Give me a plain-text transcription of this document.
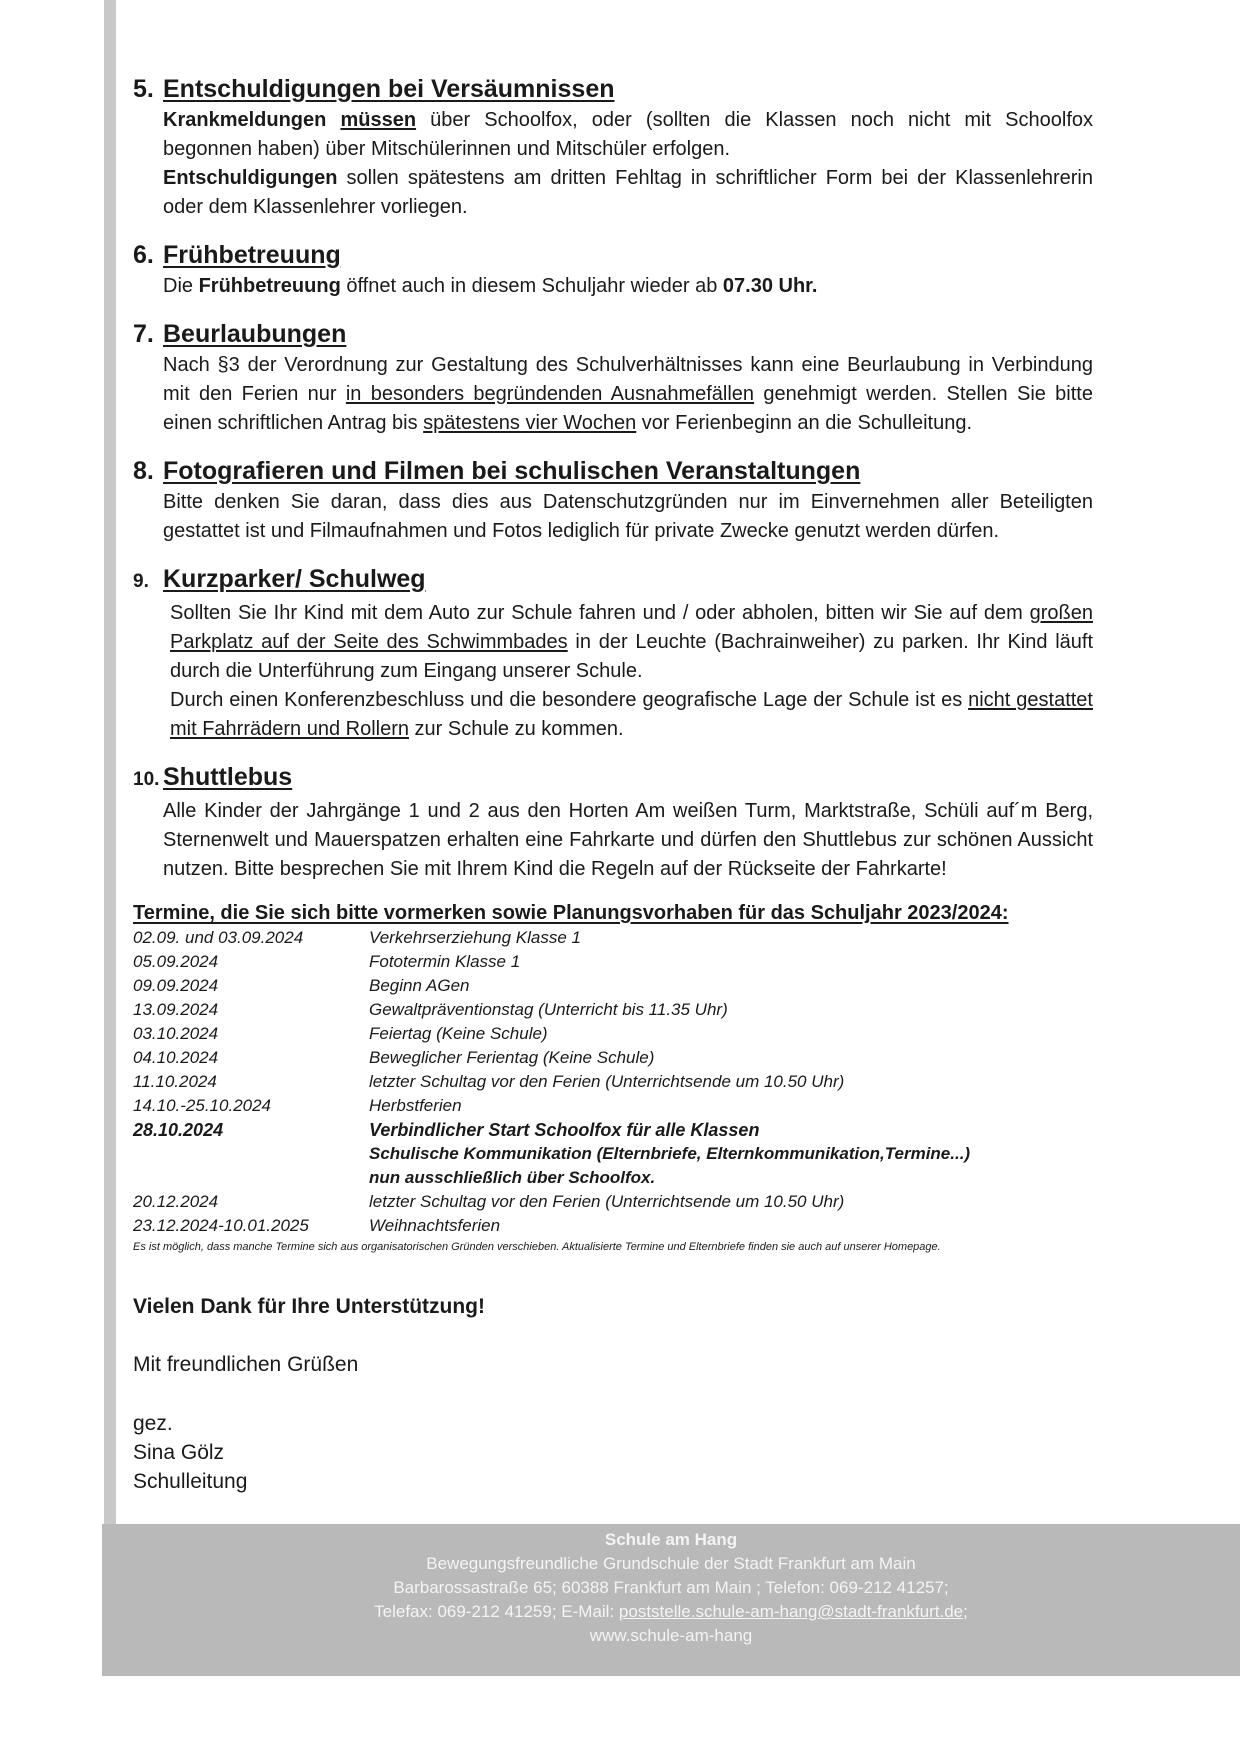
5. Entschuldigungen bei Versäumnissen

Krankmeldungen müssen über Schoolfox, oder (sollten die Klassen noch nicht mit Schoolfox begonnen haben) über Mitschülerinnen und Mitschüler erfolgen.

Entschuldigungen sollen spätestens am dritten Fehltag in schriftlicher Form bei der Klassenlehrerin oder dem Klassenlehrer vorliegen.

6. Frühbetreuung

Die Frühbetreuung öffnet auch in diesem Schuljahr wieder ab 07.30 Uhr.

7. Beurlaubungen

Nach §3 der Verordnung zur Gestaltung des Schulverhältnisses kann eine Beurlaubung in Verbindung mit den Ferien nur in besonders begründenden Ausnahmefällen genehmigt werden. Stellen Sie bitte einen schriftlichen Antrag bis spätestens vier Wochen vor Ferienbeginn an die Schulleitung.

8. Fotografieren und Filmen bei schulischen Veranstaltungen

Bitte denken Sie daran, dass dies aus Datenschutzgründen nur im Einvernehmen aller Beteiligten gestattet ist und Filmaufnahmen und Fotos lediglich für private Zwecke genutzt werden dürfen.

9. Kurzparker/ Schulweg

Sollten Sie Ihr Kind mit dem Auto zur Schule fahren und / oder abholen, bitten wir Sie auf dem großen Parkplatz auf der Seite des Schwimmbades in der Leuchte (Bachrainweiher) zu parken. Ihr Kind läuft durch die Unterführung zum Eingang unserer Schule.

Durch einen Konferenzbeschluss und die besondere geografische Lage der Schule ist es nicht gestattet mit Fahrrädern und Rollern zur Schule zu kommen.

10. Shuttlebus

Alle Kinder der Jahrgänge 1 und 2 aus den Horten Am weißen Turm, Marktstraße, Schüli auf´m Berg, Sternenwelt und Mauerspatzen erhalten eine Fahrkarte und dürfen den Shuttlebus zur schönen Aussicht nutzen. Bitte besprechen Sie mit Ihrem Kind die Regeln auf der Rückseite der Fahrkarte!

Termine, die Sie sich bitte vormerken sowie Planungsvorhaben für das Schuljahr 2023/2024:
02.09. und 03.09.2024	Verkehrserziehung Klasse 1
05.09.2024	Fototermin Klasse 1
09.09.2024	Beginn AGen
13.09.2024	Gewaltpräventionstag (Unterricht bis 11.35 Uhr)
03.10.2024	Feiertag (Keine Schule)
04.10.2024	Beweglicher Ferientag (Keine Schule)
11.10.2024	letzter Schultag vor den Ferien (Unterrichtsende um 10.50 Uhr)
14.10.-25.10.2024	Herbstferien
28.10.2024	Verbindlicher Start Schoolfox für alle Klassen
	Schulische Kommunikation (Elternbriefe, Elternkommunikation,Termine...)
	nun ausschließlich über Schoolfox.
20.12.2024	letzter Schultag vor den Ferien (Unterrichtsende um 10.50 Uhr)
23.12.2024-10.01.2025	Weihnachtsferien
Es ist möglich, dass manche Termine sich aus organisatorischen Gründen verschieben. Aktualisierte Termine und Elternbriefe finden sie auch auf unserer Homepage.
Vielen Dank für Ihre Unterstützung!
Mit freundlichen Grüßen
gez.
Sina Gölz
Schulleitung
Schule am Hang
Bewegungsfreundliche Grundschule der Stadt Frankfurt am Main
Barbarossastraße 65; 60388 Frankfurt am Main ; Telefon: 069-212 41257;
Telefax: 069-212 41259; E-Mail: poststelle.schule-am-hang@stadt-frankfurt.de;
www.schule-am-hang
